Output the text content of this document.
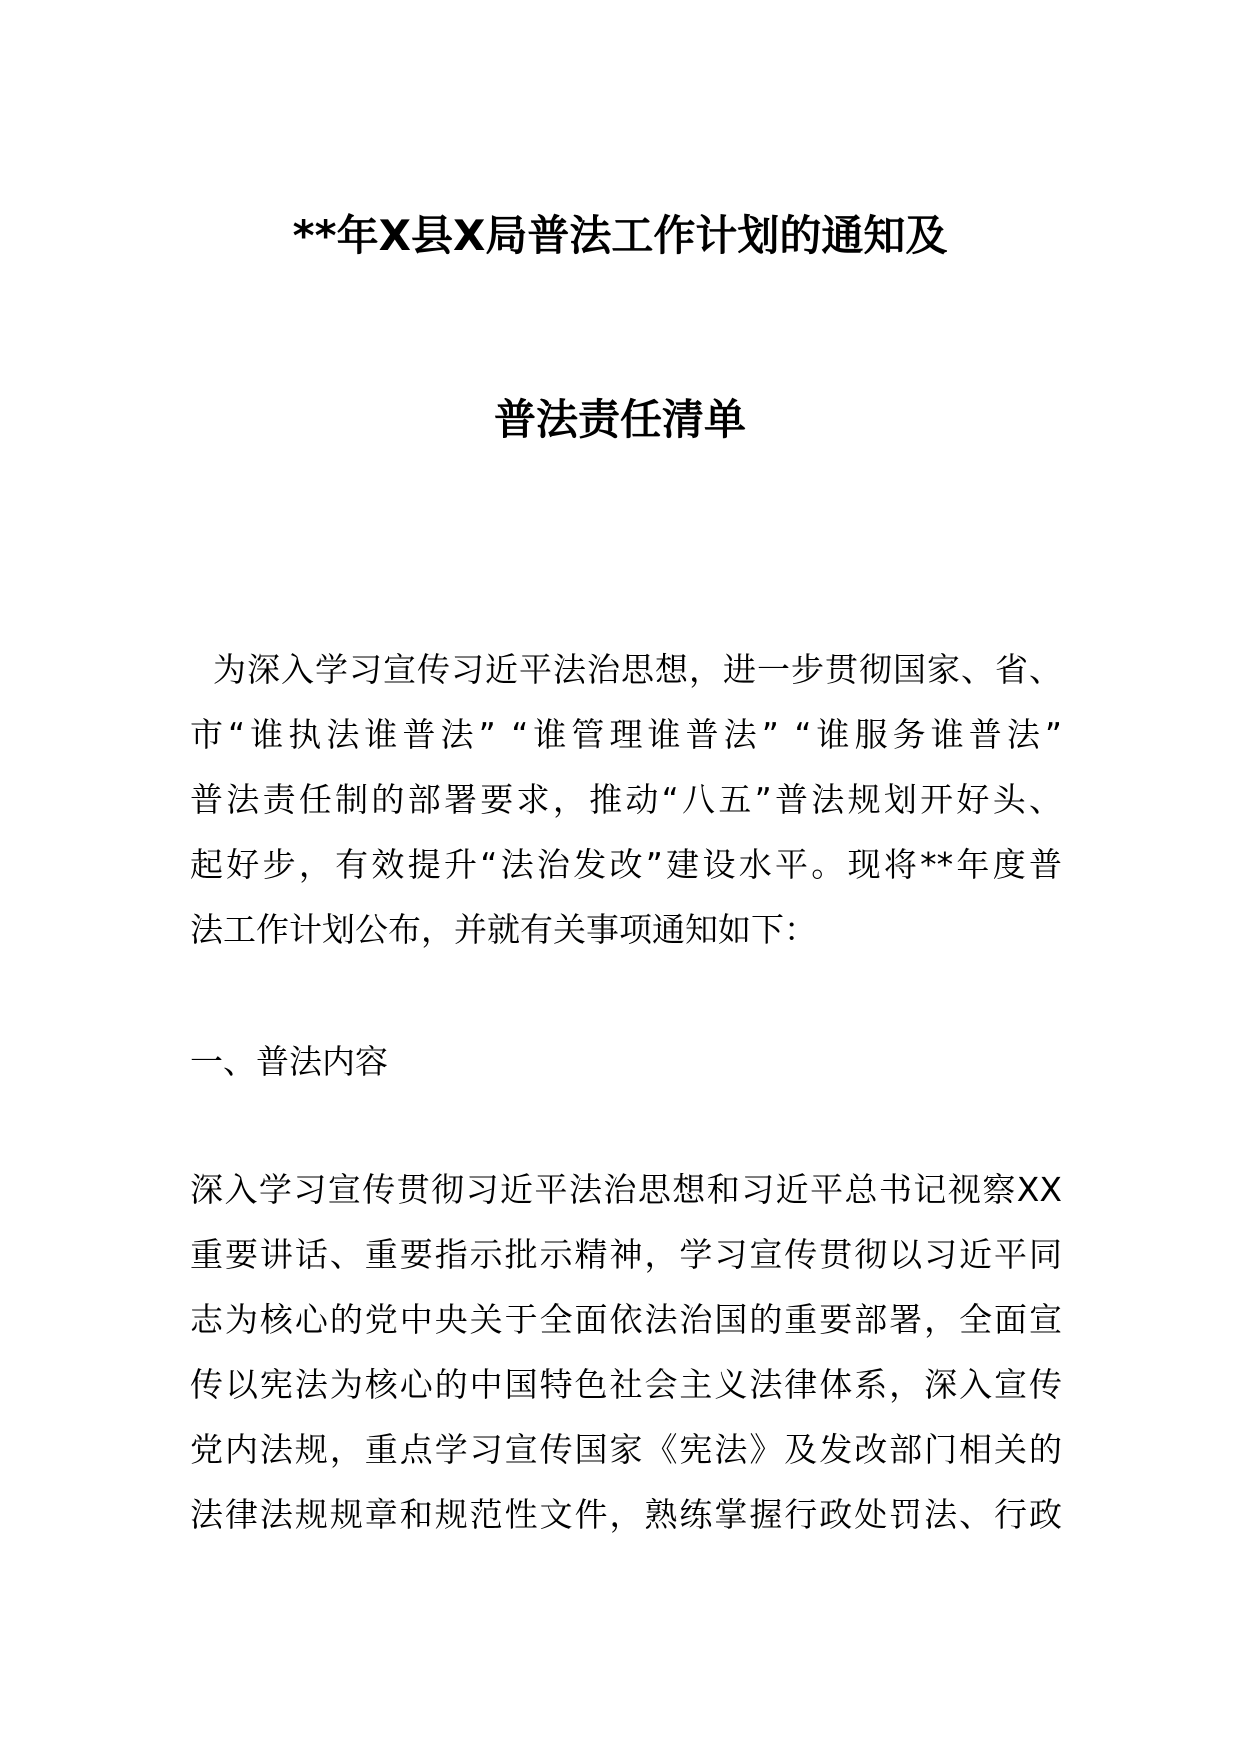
**年X县X局普法工作计划的通知及
普法责任清单
为深入学习宣传习近平法治思想，进一步贯彻国家、省、
市“谁执法谁普法” “谁管理谁普法” “谁服务谁普法”
普法责任制的部署要求，推动“八五”普法规划开好头、
起好步，有效提升“法治发改”建设水平。现将**年度普
法工作计划公布，并就有关事项通知如下：
一、普法内容
深入学习宣传贯彻习近平法治思想和习近平总书记视察XX
重要讲话、重要指示批示精神，学习宣传贯彻以习近平同
志为核心的党中央关于全面依法治国的重要部署，全面宣
传以宪法为核心的中国特色社会主义法律体系，深入宣传
党内法规，重点学习宣传国家《宪法》及发改部门相关的
法律法规规章和规范性文件，熟练掌握行政处罚法、行政
